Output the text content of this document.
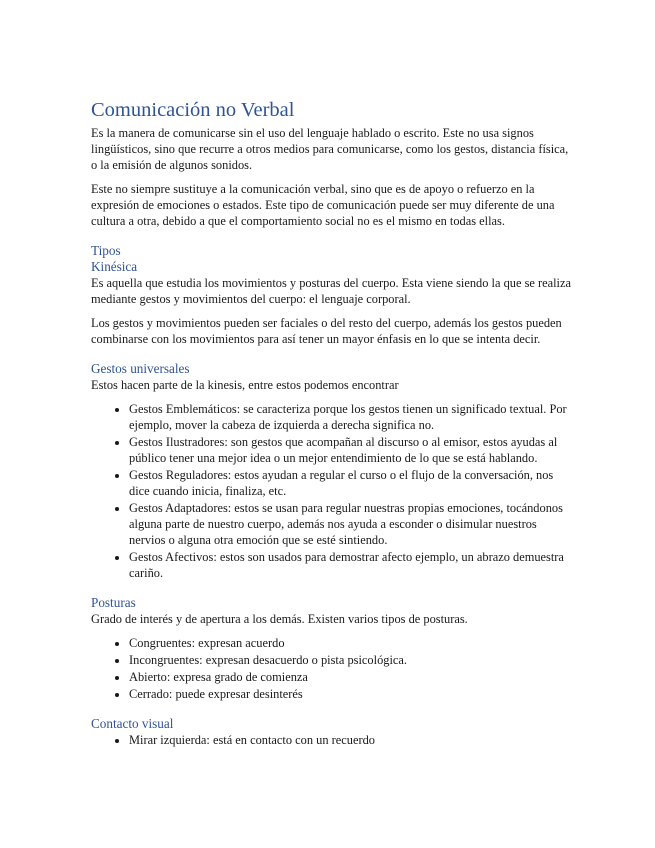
Comunicación no Verbal

Es la manera de comunicarse sin el uso del lenguaje hablado o escrito. Este no usa signos lingüísticos, sino que recurre a otros medios para comunicarse, como los gestos, distancia física, o la emisión de algunos sonidos.

Este no siempre sustituye a la comunicación verbal, sino que es de apoyo o refuerzo en la expresión de emociones o estados. Este tipo de comunicación puede ser muy diferente de una cultura a otra, debido a que el comportamiento social no es el mismo en todas ellas.

Tipos
Kinésica

Es aquella que estudia los movimientos y posturas del cuerpo. Esta viene siendo la que se realiza mediante gestos y movimientos del cuerpo: el lenguaje corporal.

Los gestos y movimientos pueden ser faciales o del resto del cuerpo, además los gestos pueden combinarse con los movimientos para así tener un mayor énfasis en lo que se intenta decir.

Gestos universales

Estos hacen parte de la kinesis, entre estos podemos encontrar

• Gestos Emblemáticos: se caracteriza porque los gestos tienen un significado textual. Por ejemplo, mover la cabeza de izquierda a derecha significa no.
• Gestos Ilustradores: son gestos que acompañan al discurso o al emisor, estos ayudas al público tener una mejor idea o un mejor entendimiento de lo que se está hablando.
• Gestos Reguladores: estos ayudan a regular el curso o el flujo de la conversación, nos dice cuando inicia, finaliza, etc.
• Gestos Adaptadores: estos se usan para regular nuestras propias emociones, tocándonos alguna parte de nuestro cuerpo, además nos ayuda a esconder o disimular nuestros nervios o alguna otra emoción que se esté sintiendo.
• Gestos Afectivos: estos son usados para demostrar afecto ejemplo, un abrazo demuestra cariño.
Posturas

Grado de interés y de apertura a los demás. Existen varios tipos de posturas.

• Congruentes: expresan acuerdo
• Incongruentes: expresan desacuerdo o pista psicológica.
• Abierto: expresa grado de comienza
• Cerrado: puede expresar desinterés
Contacto visual
• Mirar izquierda: está en contacto con un recuerdo
